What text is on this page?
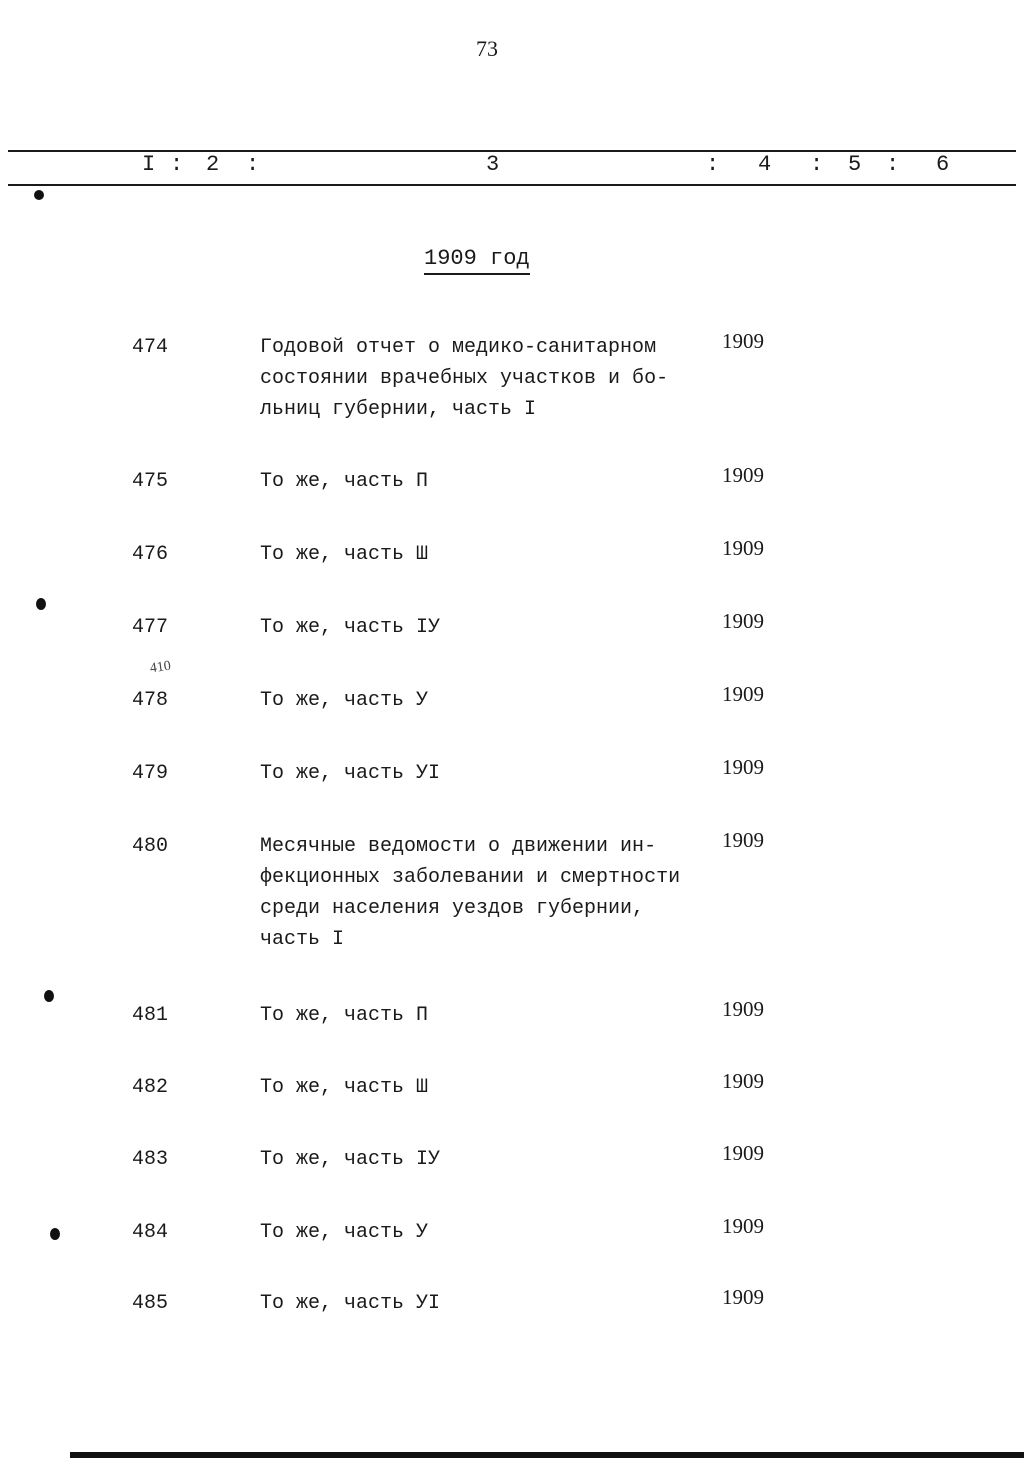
73
I : 2 :	3	: 4 : 5 : 6
1909 год
474	Годовой отчет о медико-санитарном
состоянии врачебных участков и бо-
льниц губернии, часть I
1909
475	То же, часть П	1909
476	То же, часть Ш	1909
477	То же, часть IУ	1909
478	То же, часть У	1909
479	То же, часть УI	1909
480	Месячные ведомости о движении ин-
фекционных заболевании и смертности
среди населения уездов губернии,
часть I
1909
481	То же, часть П	1909
482	То же, часть Ш	1909
483	То же, часть IУ	1909
484	То же, часть У	1909
485	То же, часть УI	1909
410
